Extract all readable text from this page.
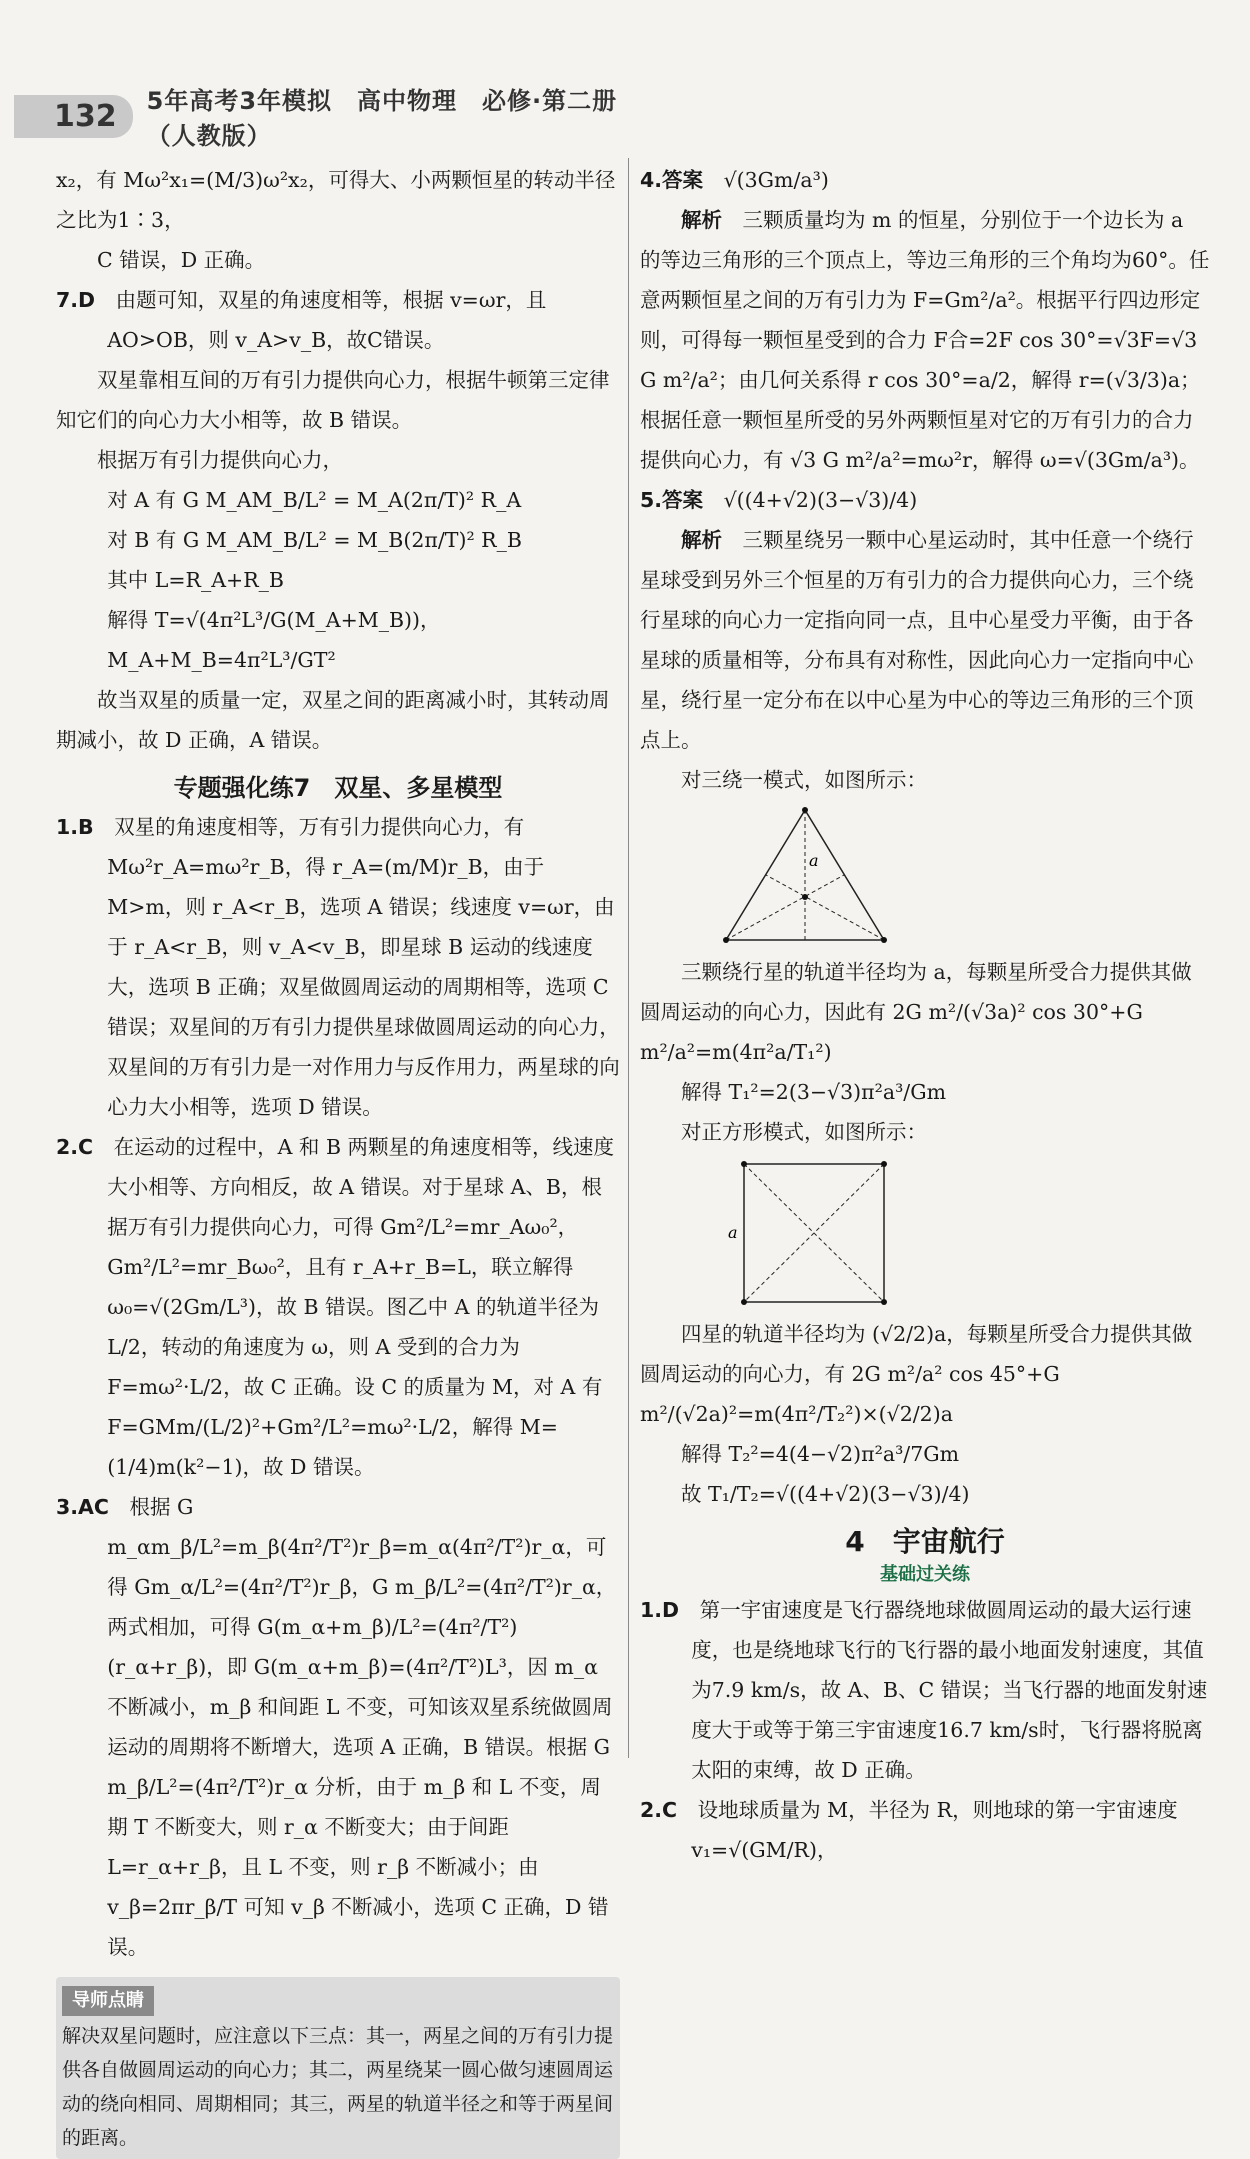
132	5年高考3年模拟　高中物理　必修·第二册（人教版）

x₂，有 Mω²x₁=(M/3)ω²x₂，可得大、小两颗恒星的转动半径之比为1∶3，

C 错误，D 正确。

7.D　 由题可知，双星的角速度相等，根据 v=ωr，且AO>OB，则 v_A>v_B，故C错误。

双星靠相互间的万有引力提供向心力，根据牛顿第三定律知它们的向心力大小相等，故 B 错误。

根据万有引力提供向心力，

对 A 有 G M_AM_B/L² = M_A(2π/T)² R_A

对 B 有 G M_AM_B/L² = M_B(2π/T)² R_B

其中 L=R_A+R_B

解得 T=√(4π²L³/G(M_A+M_B))，M_A+M_B=4π²L³/GT²

故当双星的质量一定，双星之间的距离减小时，其转动周期减小，故 D 正确，A 错误。

专题强化练7　双星、多星模型

1.B　 双星的角速度相等，万有引力提供向心力，有 Mω²r_A=mω²r_B，得 r_A=(m/M)r_B，由于 M>m，则 r_A<r_B，选项 A 错误；线速度 v=ωr，由于 r_A<r_B，则 v_A<v_B，即星球 B 运动的线速度大，选项 B 正确；双星做圆周运动的周期相等，选项 C 错误；双星间的万有引力提供星球做圆周运动的向心力，双星间的万有引力是一对作用力与反作用力，两星球的向心力大小相等，选项 D 错误。

2.C　 在运动的过程中，A 和 B 两颗星的角速度相等，线速度大小相等、方向相反，故 A 错误。对于星球 A、B，根据万有引力提供向心力，可得 Gm²/L²=mr_Aω₀²，Gm²/L²=mr_Bω₀²，且有 r_A+r_B=L，联立解得 ω₀=√(2Gm/L³)，故 B 错误。图乙中 A 的轨道半径为 L/2，转动的角速度为 ω，则 A 受到的合力为 F=mω²·L/2，故 C 正确。设 C 的质量为 M，对 A 有 F=GMm/(L/2)²+Gm²/L²=mω²·L/2，解得 M=(1/4)m(k²−1)，故 D 错误。

3.AC　 根据 G m_αm_β/L²=m_β(4π²/T²)r_β=m_α(4π²/T²)r_α，可得 Gm_α/L²=(4π²/T²)r_β，G m_β/L²=(4π²/T²)r_α，两式相加，可得 G(m_α+m_β)/L²=(4π²/T²)(r_α+r_β)，即 G(m_α+m_β)=(4π²/T²)L³，因 m_α 不断减小，m_β 和间距 L 不变，可知该双星系统做圆周运动的周期将不断增大，选项 A 正确，B 错误。根据 G m_β/L²=(4π²/T²)r_α 分析，由于 m_β 和 L 不变，周期 T 不断变大，则 r_α 不断变大；由于间距 L=r_α+r_β，且 L 不变，则 r_β 不断减小；由 v_β=2πr_β/T 可知 v_β 不断减小，选项 C 正确，D 错误。

导师点睛

解决双星问题时，应注意以下三点：其一，两星之间的万有引力提供各自做圆周运动的向心力；其二，两星绕某一圆心做匀速圆周运动的绕向相同、周期相同；其三，两星的轨道半径之和等于两星间的距离。

4.答案　 √(3Gm/a³)

解析　 三颗质量均为 m 的恒星，分别位于一个边长为 a 的等边三角形的三个顶点上，等边三角形的三个角均为60°。任意两颗恒星之间的万有引力为 F=Gm²/a²。根据平行四边形定则，可得每一颗恒星受到的合力 F合=2F cos 30°=√3F=√3 G m²/a²；由几何关系得 r cos 30°=a/2，解得 r=(√3/3)a；根据任意一颗恒星所受的另外两颗恒星对它的万有引力的合力提供向心力，有 √3 G m²/a²=mω²r，解得 ω=√(3Gm/a³)。

5.答案　 √((4+√2)(3−√3)/4)

解析　 三颗星绕另一颗中心星运动时，其中任意一个绕行星球受到另外三个恒星的万有引力的合力提供向心力，三个绕行星球的向心力一定指向同一点，且中心星受力平衡，由于各星球的质量相等，分布具有对称性，因此向心力一定指向中心星，绕行星一定分布在以中心星为中心的等边三角形的三个顶点上。

对三绕一模式，如图所示：

a

三颗绕行星的轨道半径均为 a，每颗星所受合力提供其做圆周运动的向心力，因此有 2G m²/(√3a)² cos 30°+G m²/a²=m(4π²a/T₁²)

解得 T₁²=2(3−√3)π²a³/Gm

对正方形模式，如图所示：

a

四星的轨道半径均为 (√2/2)a，每颗星所受合力提供其做圆周运动的向心力，有 2G m²/a² cos 45°+G m²/(√2a)²=m(4π²/T₂²)×(√2/2)a

解得 T₂²=4(4−√2)π²a³/7Gm

故 T₁/T₂=√((4+√2)(3−√3)/4)

4　宇宙航行

基础过关练

1.D　 第一宇宙速度是飞行器绕地球做圆周运动的最大运行速度，也是绕地球飞行的飞行器的最小地面发射速度，其值为7.9 km/s，故 A、B、C 错误；当飞行器的地面发射速度大于或等于第三宇宙速度16.7 km/s时，飞行器将脱离太阳的束缚，故 D 正确。

2.C　 设地球质量为 M，半径为 R，则地球的第一宇宙速度 v₁=√(GM/R)，
